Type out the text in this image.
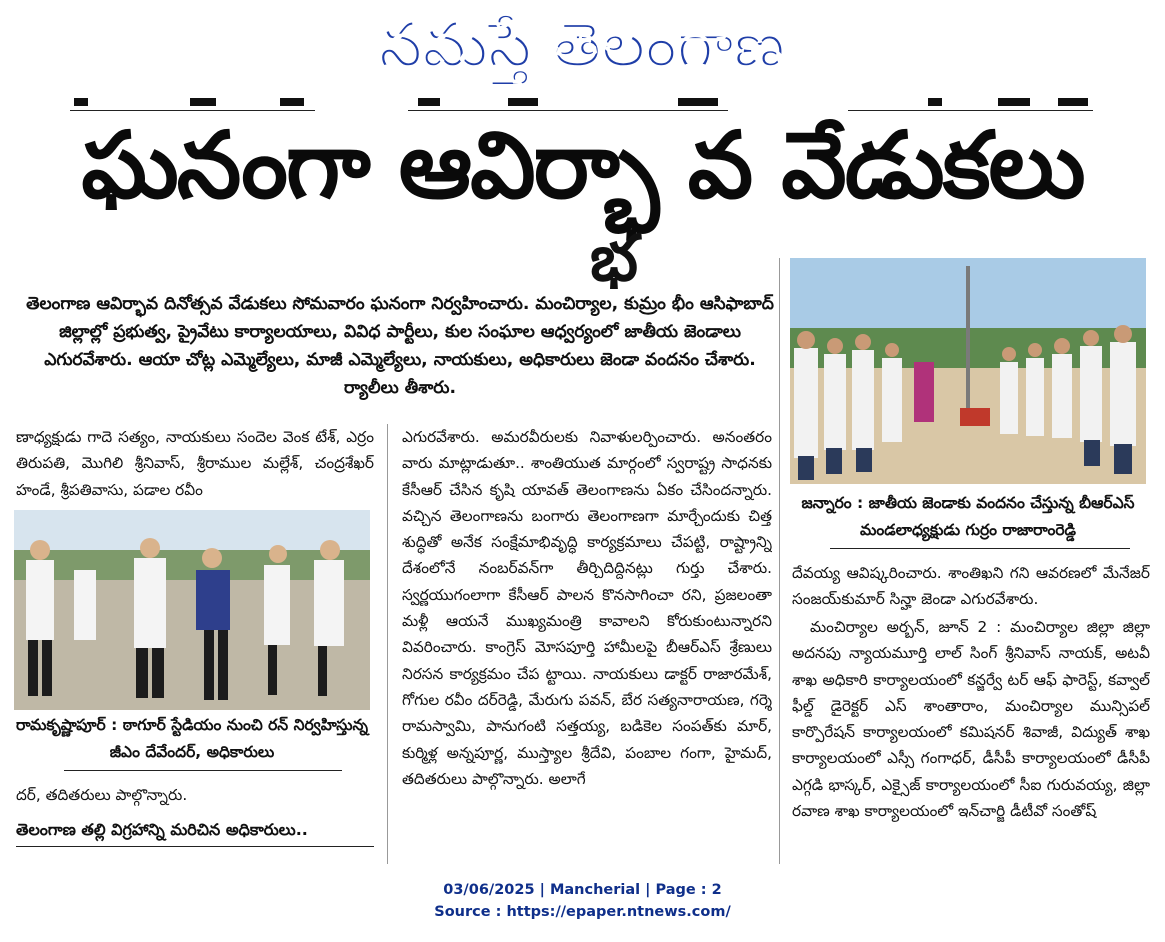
నమస్తే తెలంగాణ
ఘనంగా ఆవిర్భా వ వేడుకలు
భ
తెలంగాణ ఆవిర్భావ దినోత్సవ వేడుకలు సోమవారం ఘనంగా నిర్వహించారు. మంచిర్యాల, కుమ్రం భీం ఆసిఫాబాద్ జిల్లాల్లో ప్రభుత్వ, ప్రైవేటు కార్యాలయాలు, వివిధ పార్టీలు, కుల సంఘాల ఆధ్వర్యంలో జాతీయ జెండాలు ఎగురవేశారు. ఆయా చోట్ల ఎమ్మెల్యేలు, మాజీ ఎమ్మెల్యేలు, నాయకులు, అధికారులు జెండా వందనం చేశారు. ర్యాలీలు తీశారు.
ణాధ్యక్షుడు గాదె సత్యం, నాయకులు సందెల వెంక టేశ్, ఎర్రం తిరుపతి, మొగిలి శ్రీనివాస్, శ్రీరాముల మల్లేశ్, చంద్రశేఖర్ హండే, శ్రీపతివాసు, పడాల రవీం
రామకృష్ణాపూర్ : ఠాగూర్ స్టేడియం నుంచి రన్ నిర్వహిస్తున్న జీఎం దేవేందర్, అధికారులు
దర్, తదితరులు పాల్గొన్నారు.
తెలంగాణ తల్లి విగ్రహాన్ని మరిచిన అధికారులు..
ఎగురవేశారు. అమరవీరులకు నివాళులర్పించారు. అనంతరం వారు మాట్లాడుతూ.. శాంతియుత మార్గంలో స్వరాష్ట్ర సాధనకు కేసీఆర్ చేసిన కృషి యావత్ తెలంగాణను ఏకం చేసిందన్నారు. వచ్చిన తెలంగాణను బంగారు తెలంగాణగా మార్చేందుకు చిత్త శుద్ధితో అనేక సంక్షేమాభివృద్ధి కార్యక్రమాలు చేపట్టి, రాష్ట్రాన్ని దేశంలోనే నంబర్‌వన్‌గా తీర్చిదిద్దినట్లు గుర్తు చేశారు. స్వర్ణయుగంలాగా కేసీఆర్ పాలన కొనసాగించా రని, ప్రజలంతా మళ్లీ ఆయనే ముఖ్యమంత్రి కావాలని కోరుకుంటున్నారని వివరించారు. కాంగ్రెస్ మోసపూర్తి హామీలపై బీఆర్ఎస్ శ్రేణులు నిరసన కార్యక్రమం చేప ట్టాయి. నాయకులు డాక్టర్ రాజారమేశ్, గోగుల రవీం దర్‌రెడ్డి, మేరుగు పవన్, బేర సత్యనారాయణ, గర్శె రామస్వామి, పానుగంటి సత్తయ్య, బడికెల సంపత్‌కు మార్, కుర్మిళ్ల అన్నపూర్ణ, ముస్త్యాల శ్రీదేవి, పంబాల గంగా, హైమద్, తదితరులు పాల్గొన్నారు. అలాగే
జన్నారం : జాతీయ జెండాకు వందనం చేస్తున్న బీఆర్ఎస్ మండలాధ్యక్షుడు గుర్రం రాజారాంరెడ్డి
దేవయ్య ఆవిష్కరించారు. శాంతిఖని గని ఆవరణలో మేనేజర్ సంజయ్‌కుమార్ సిన్హా జెండా ఎగురవేశారు.
మంచిర్యాల అర్బన్, జూన్ 2 : మంచిర్యాల జిల్లా జిల్లా అదనపు న్యాయమూర్తి లాల్ సింగ్ శ్రీనివాస్ నాయక్, అటవీ శాఖ అధికారి కార్యాలయంలో కన్జర్వే టర్ ఆఫ్ ఫారెస్ట్, కవ్వాల్ ఫీల్డ్ డైరెక్టర్ ఎస్ శాంతారాం, మంచిర్యాల మున్సిపల్ కార్పొరేషన్ కార్యాలయంలో కమిషనర్ శివాజీ, విద్యుత్ శాఖ కార్యాలయంలో ఎస్సీ గంగాధర్, డీసీపీ కార్యాలయంలో డీసీపీ ఎగ్గడి భాస్కర్, ఎక్సైజ్ కార్యాలయంలో సీఐ గురువయ్య, జిల్లా రవాణ శాఖ కార్యాలయంలో ఇన్‌చార్జి డీటీవో సంతోష్
03/06/2025 | Mancherial | Page : 2
Source : https://epaper.ntnews.com/
